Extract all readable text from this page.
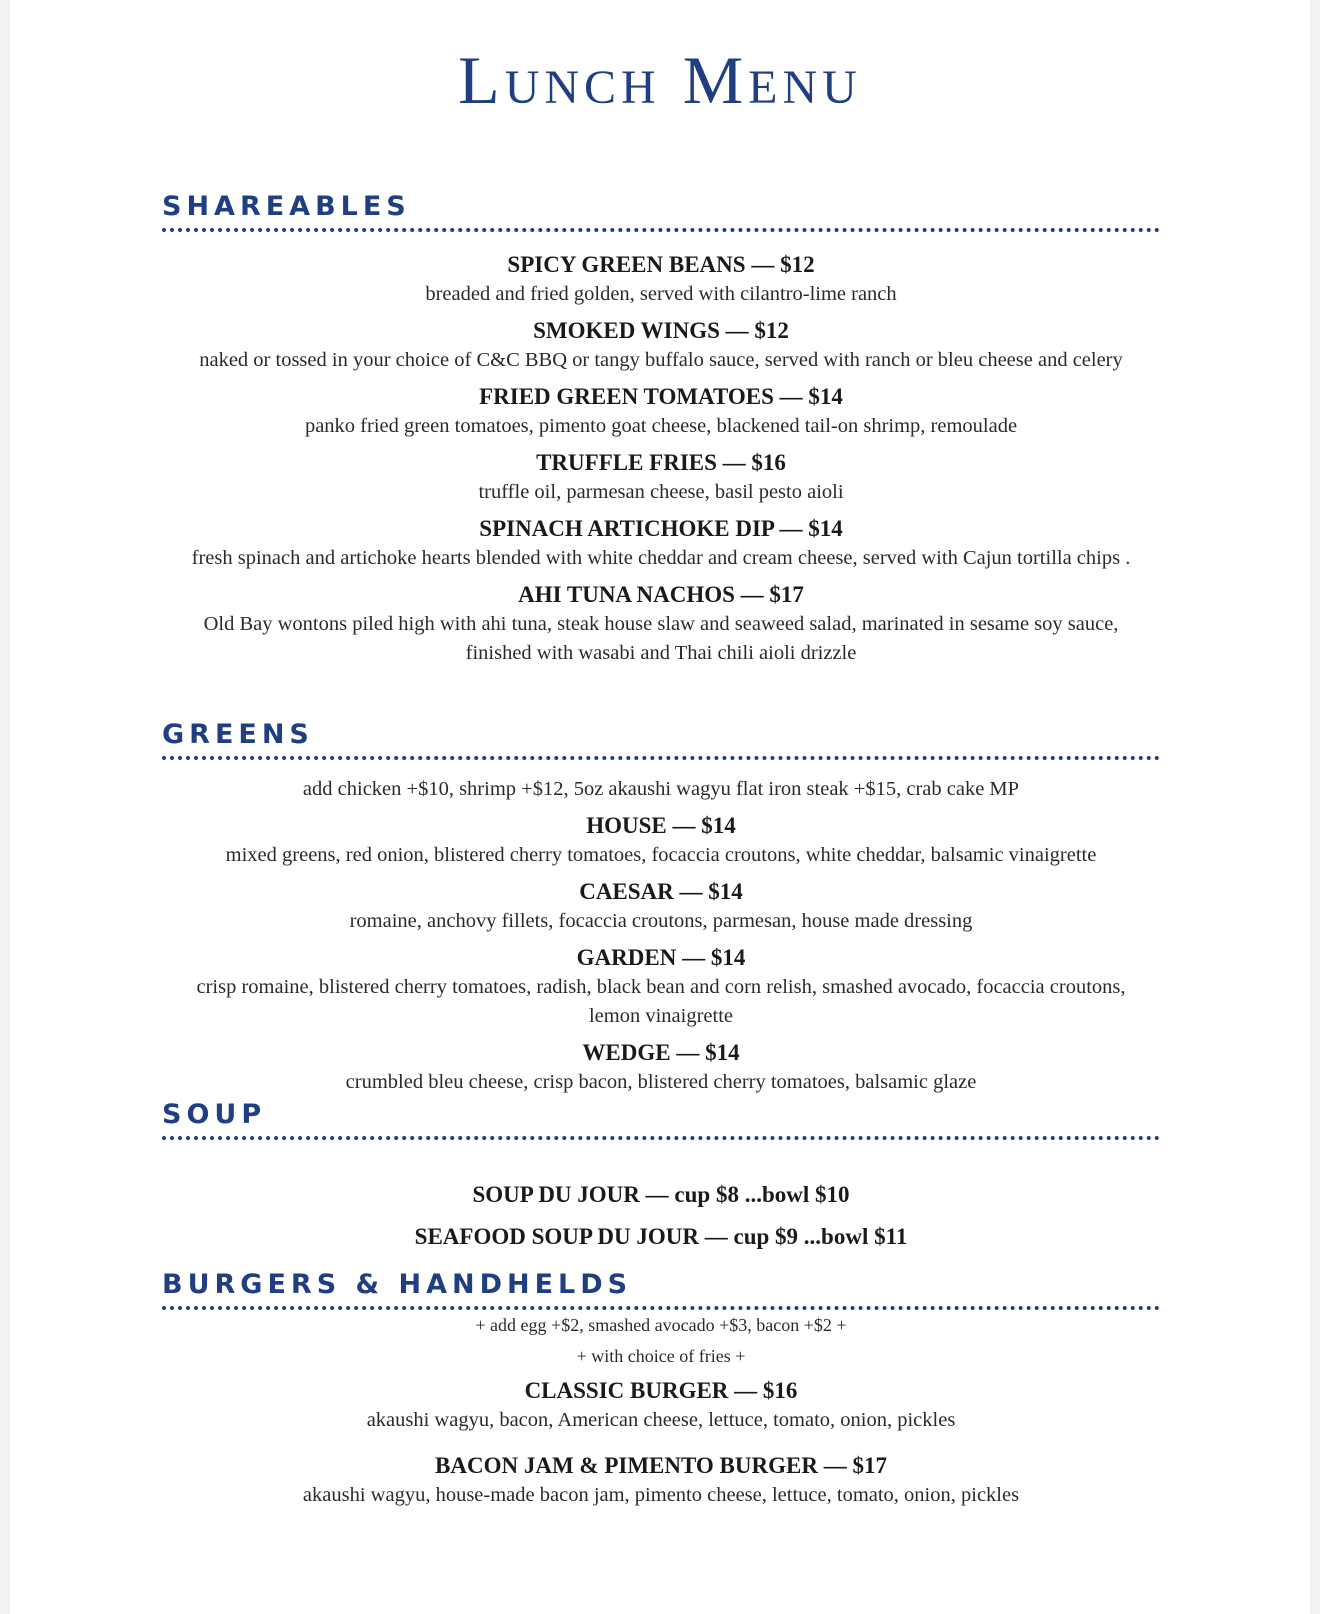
Lunch Menu
SHAREABLES
SPICY GREEN BEANS — $12
breaded and fried golden, served with cilantro-lime ranch
SMOKED WINGS — $12
naked or tossed in your choice of C&C BBQ or tangy buffalo sauce, served with ranch or bleu cheese and celery
FRIED GREEN TOMATOES — $14
panko fried green tomatoes, pimento goat cheese, blackened tail-on shrimp, remoulade
TRUFFLE FRIES — $16
truffle oil, parmesan cheese, basil pesto aioli
SPINACH ARTICHOKE DIP — $14
fresh spinach and artichoke hearts blended with white cheddar and cream cheese, served with Cajun tortilla chips .
AHI TUNA NACHOS — $17
Old Bay wontons piled high with ahi tuna, steak house slaw and seaweed salad, marinated in sesame soy sauce, finished with wasabi and Thai chili aioli drizzle
GREENS
add chicken +$10, shrimp +$12, 5oz akaushi wagyu flat iron steak +$15, crab cake MP
HOUSE — $14
mixed greens, red onion, blistered cherry tomatoes, focaccia croutons, white cheddar, balsamic vinaigrette
CAESAR — $14
romaine, anchovy fillets, focaccia croutons, parmesan, house made dressing
GARDEN — $14
crisp romaine, blistered cherry tomatoes, radish, black bean and corn relish, smashed avocado, focaccia croutons, lemon vinaigrette
WEDGE — $14
crumbled bleu cheese, crisp bacon, blistered cherry tomatoes, balsamic glaze
SOUP
SOUP DU JOUR — cup $8 ...bowl $10
SEAFOOD SOUP DU JOUR — cup $9 ...bowl $11
BURGERS & HANDHELDS
+ add egg +$2, smashed avocado +$3, bacon +$2 +
+ with choice of fries +
CLASSIC BURGER — $16
akaushi wagyu, bacon, American cheese, lettuce, tomato, onion, pickles
BACON JAM & PIMENTO BURGER — $17
akaushi wagyu, house-made bacon jam, pimento cheese, lettuce, tomato, onion, pickles
